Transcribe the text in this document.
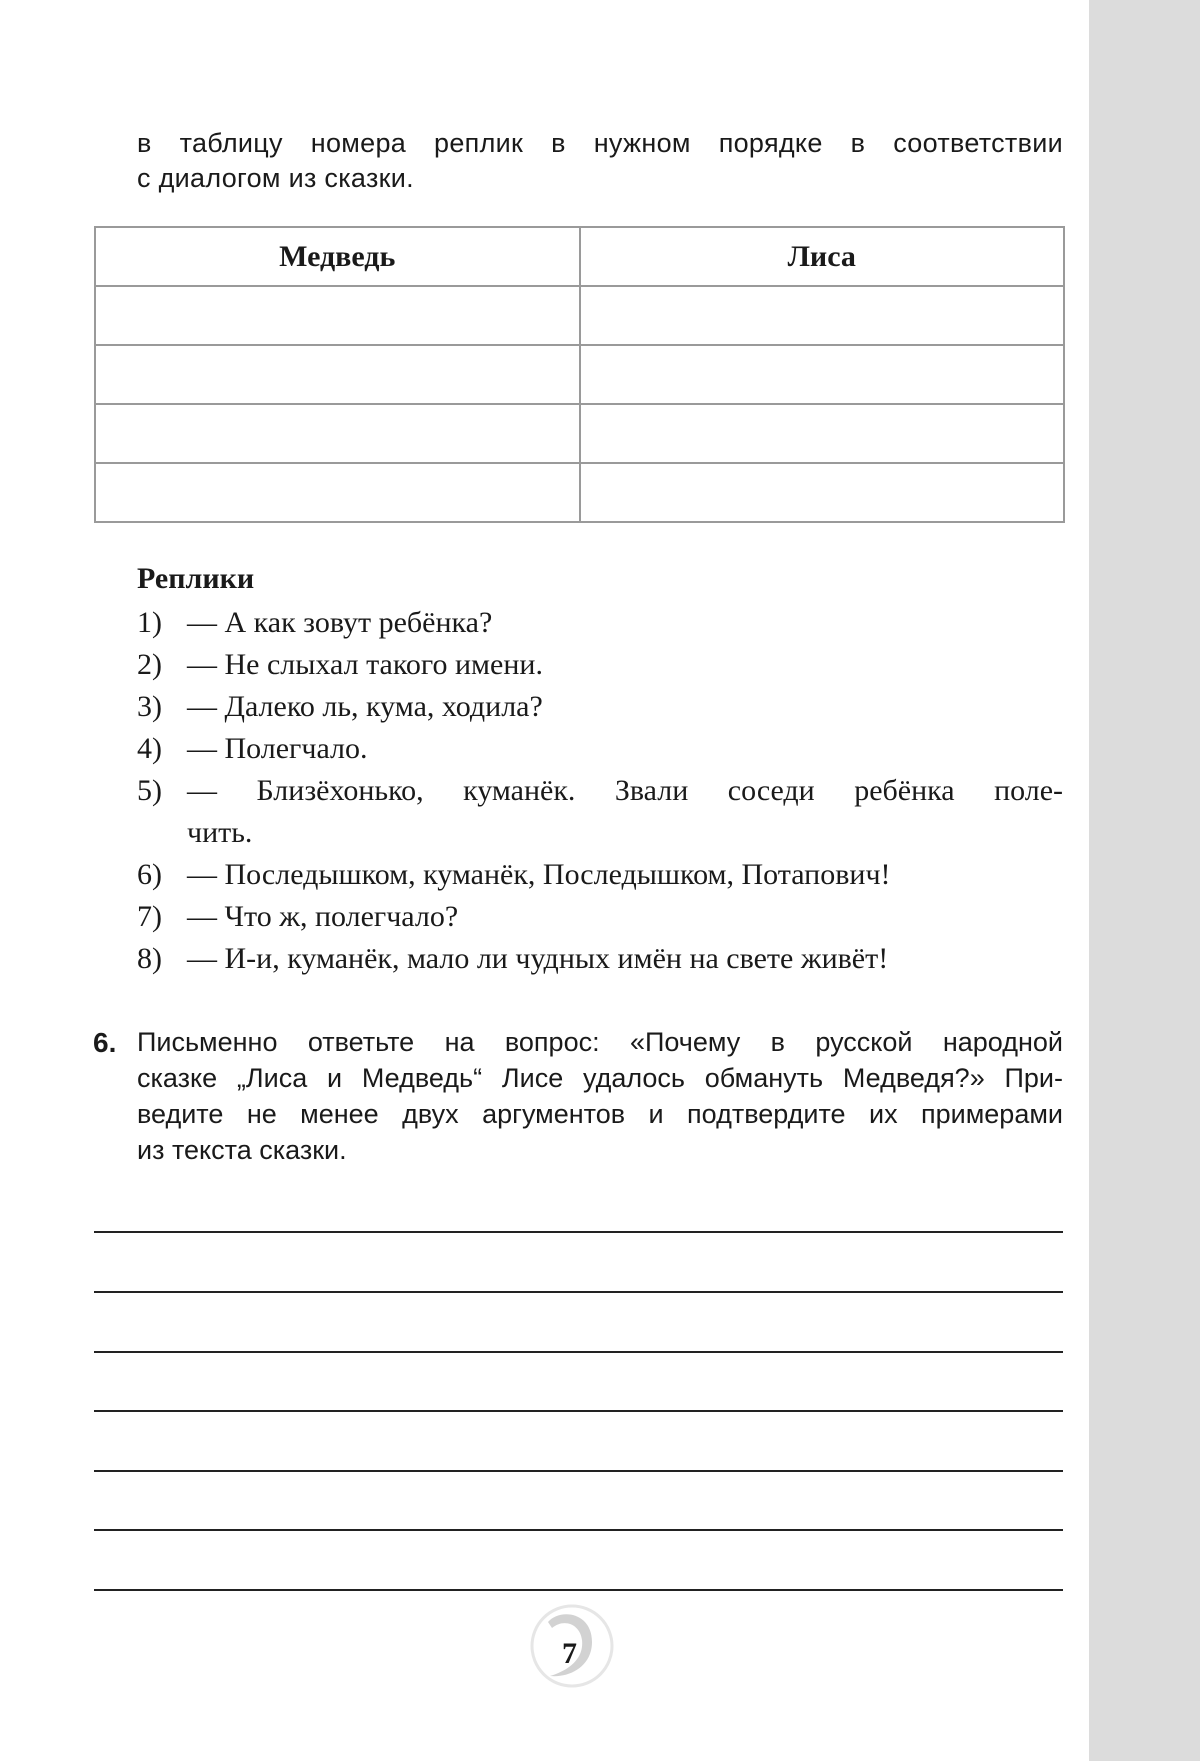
в таблицу номера реплик в нужном порядке в соответствии
с диалогом из сказки.
Медведь	Лиса

Реплики
1) — А как зовут ребёнка?
2) — Не слыхал такого имени.
3) — Далеко ль, кума, ходила?
4) — Полегчало.
5) — Близёхонько, куманёк. Звали соседи ребёнка поле-
чить.
6) — Последышком, куманёк, Последышком, Потапович!
7) — Что ж, полегчало?
8) — И-и, куманёк, мало ли чудных имён на свете живёт!
6. Письменно ответьте на вопрос: «Почему в русской народной
сказке „Лиса и Медведь“ Лисе удалось обмануть Медведя?» При-
ведите не менее двух аргументов и подтвердите их примерами
из текста сказки.
7
